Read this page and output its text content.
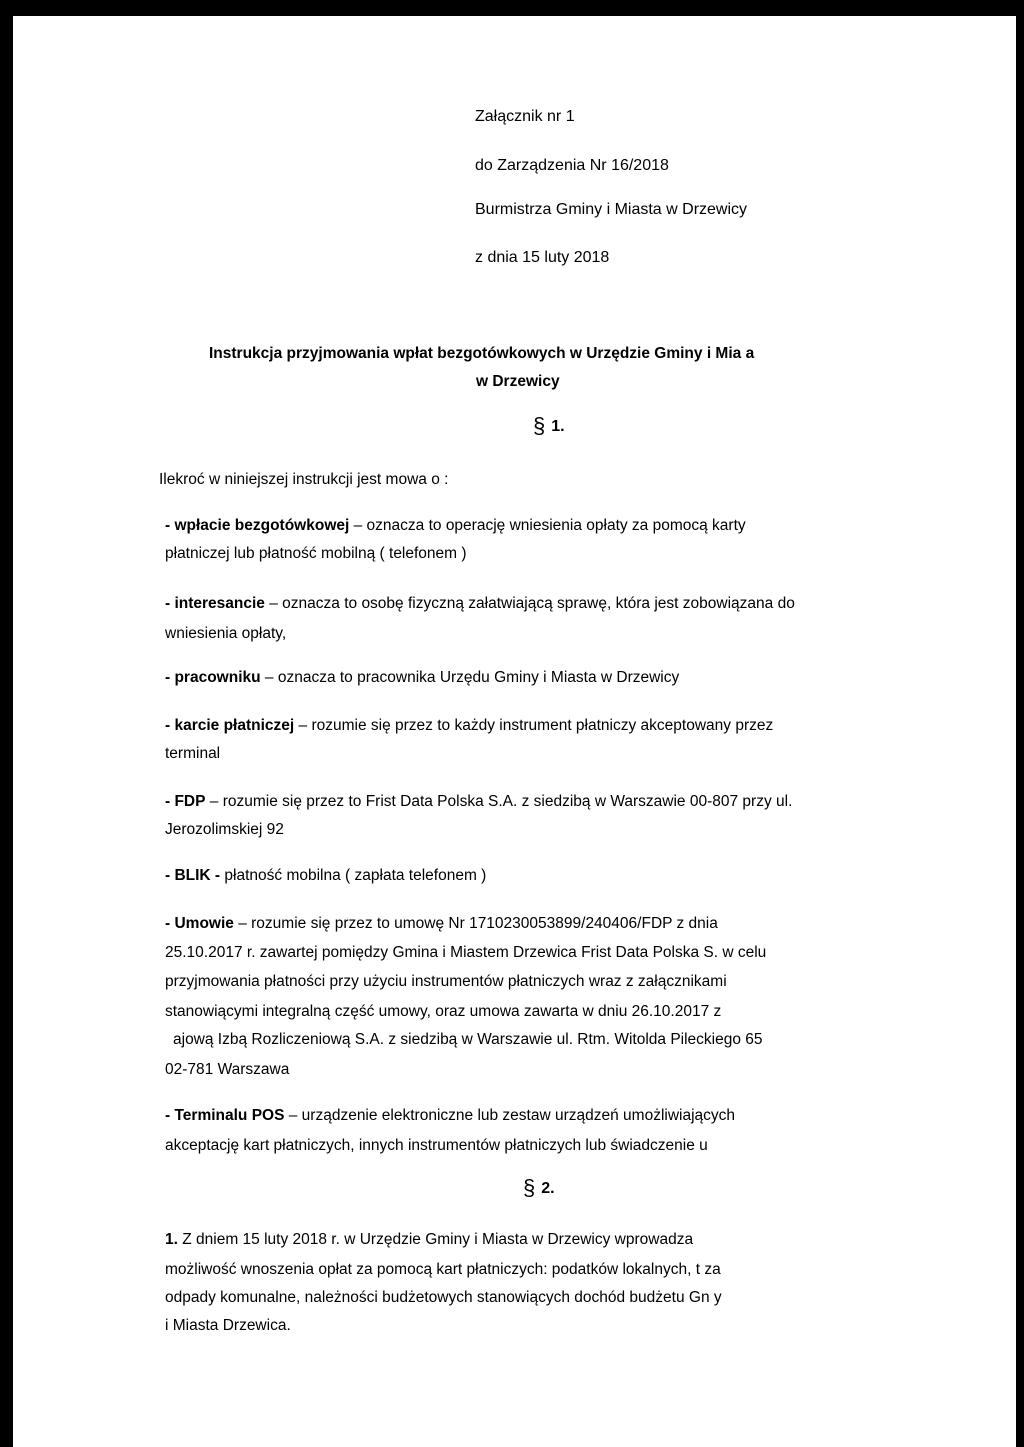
Załącznik nr 1
do Zarządzenia Nr 16/2018
Burmistrza Gminy i Miasta w Drzewicy
z dnia 15 luty 2018
Instrukcja przyjmowania wpłat bezgotówkowych w Urzędzie Gminy i Mia a
w Drzewicy
§ 1.
Ilekroć w niniejszej instrukcji jest mowa o :
- wpłacie bezgotówkowej – oznacza to operację wniesienia opłaty za pomocą karty
płatniczej lub płatność mobilną ( telefonem )
- interesancie – oznacza to osobę fizyczną załatwiającą sprawę, która jest zobowiązana do
wniesienia opłaty,
- pracowniku – oznacza to pracownika Urzędu Gminy i Miasta w Drzewicy
- karcie płatniczej – rozumie się przez to każdy instrument płatniczy akceptowany przez
terminal
- FDP – rozumie się przez to Frist Data Polska S.A. z siedzibą w Warszawie 00-807 przy ul.
Jerozolimskiej 92
- BLIK - płatność mobilna ( zapłata telefonem )
- Umowie – rozumie się przez to umowę Nr 1710230053899/240406/FDP z dnia
25.10.2017 r. zawartej pomiędzy Gmina i Miastem Drzewica Frist Data Polska S. w celu
przyjmowania płatności przy użyciu instrumentów płatniczych wraz z załącznikami
stanowiącymi integralną część umowy, oraz umowa zawarta w dniu 26.10.2017 z
ajową Izbą Rozliczeniową S.A. z siedzibą w Warszawie ul. Rtm. Witolda Pileckiego 65
02-781 Warszawa
- Terminalu POS – urządzenie elektroniczne lub zestaw urządzeń umożliwiających
akceptację kart płatniczych, innych instrumentów płatniczych lub świadczenie u
§ 2.
1. Z dniem 15 luty 2018 r. w Urzędzie Gminy i Miasta w Drzewicy wprowadza
możliwość wnoszenia opłat za pomocą kart płatniczych: podatków lokalnych, t za
odpady komunalne, należności budżetowych stanowiących dochód budżetu Gn y
i Miasta Drzewica.
